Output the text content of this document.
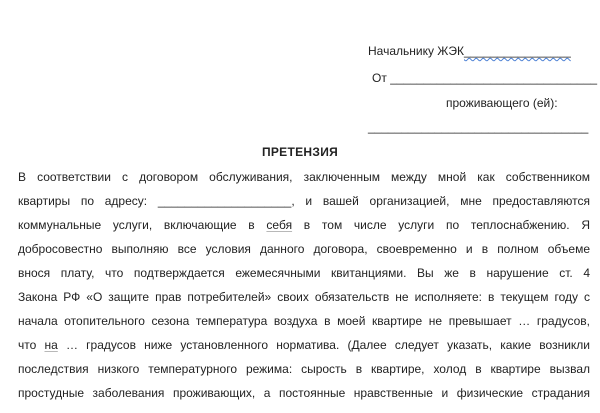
Начальнику ЖЭК________________
От _______________________________
проживающего (ей):
_________________________________
ПРЕТЕНЗИЯ
В соответствии с договором обслуживания, заключенным между мной как собственником
квартиры по адресу: ____________________, и вашей организацией, мне предоставляются
коммунальные услуги, включающие в себя в том числе услуги по теплоснабжению. Я
добросовестно выполняю все условия данного договора, своевременно и в полном объеме
внося плату, что подтверждается ежемесячными квитанциями. Вы же в нарушение ст. 4
Закона РФ «О защите прав потребителей» своих обязательств не исполняете: в текущем году с
начала отопительного сезона температура воздуха в моей квартире не превышает … градусов,
что на … градусов ниже установленного норматива. (Далее следует указать, какие возникли
последствия низкого температурного режима: сырость в квартире, холод в квартире вызвал
простудные заболевания проживающих, а постоянные нравственные и физические страдания
